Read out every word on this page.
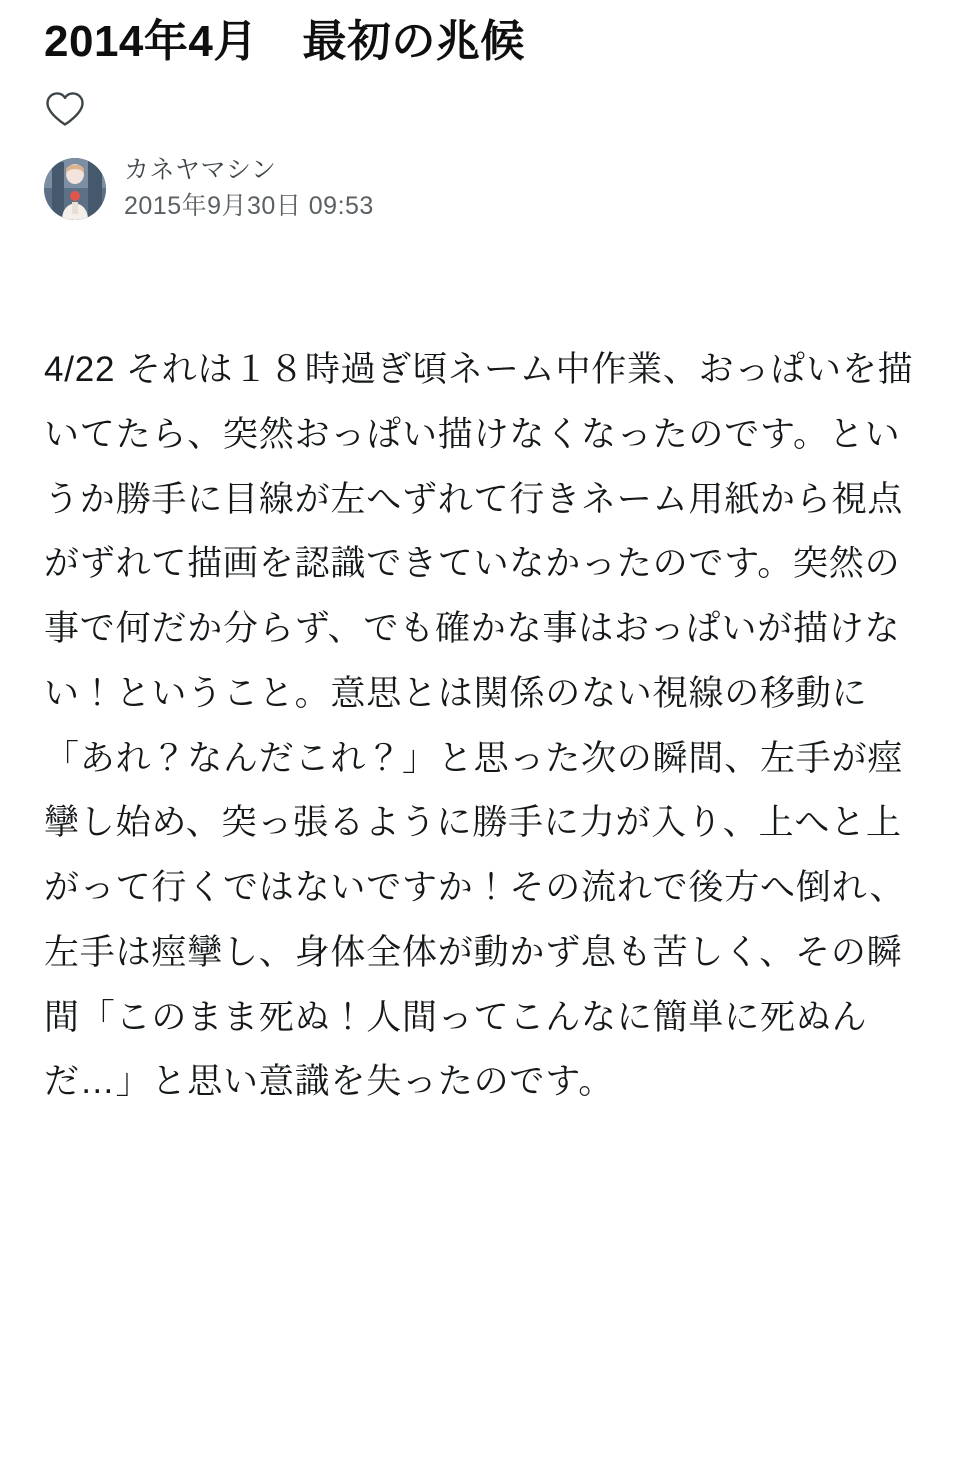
2014年4月　最初の兆候
カネヤマシン
2015年9月30日 09:53
4/22 それは１８時過ぎ頃ネーム中作業、おっぱいを描いてたら、突然おっぱい描けなくなったのです。というか勝手に目線が左へずれて行きネーム用紙から視点がずれて描画を認識できていなかったのです。突然の事で何だか分らず、でも確かな事はおっぱいが描けない！ということ。意思とは関係のない視線の移動に「あれ？なんだこれ？」と思った次の瞬間、左手が痙攣し始め、突っ張るように勝手に力が入り、上へと上がって行くではないですか！その流れで後方へ倒れ、左手は痙攣し、身体全体が動かず息も苦しく、その瞬間「このまま死ぬ！人間ってこんなに簡単に死ぬんだ…」と思い意識を失ったのです。
